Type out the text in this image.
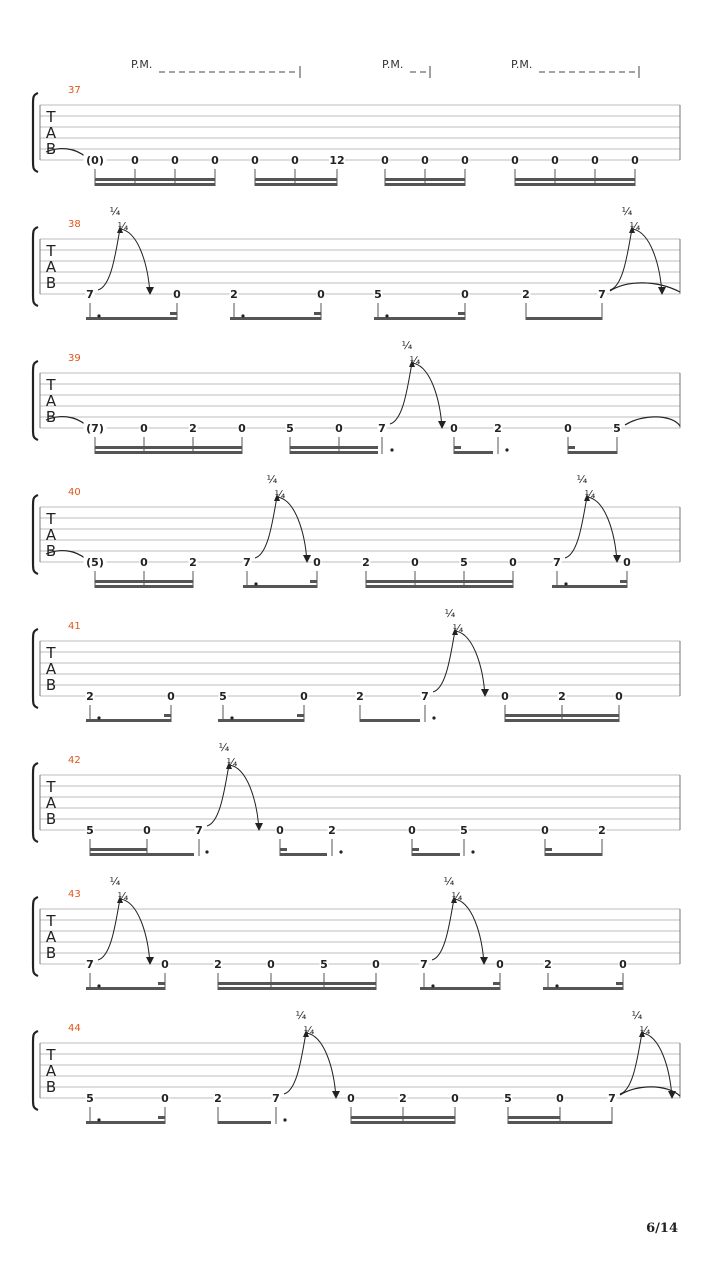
T
A
B
37
(0) 0	0	0	0	0	12	0	0	0	0	0	0	0
T
A
B
38	¼
¼
¼
¼
7	0	2	0	5	0	2	7
T
A
B
39	¼
¼
(7)	0	2	0	5	0	7	0	2	0	5
T
A
B
40	¼
¼
¼
¼
(5)	0	2	7	0	2	0	5	0	7	0
T
A
B
41	¼
¼
2	0	5	0	2	7	0	2	0
T
A
B
42	¼
¼
5	0	7	0	2	0	5	0	2
T
A
B
43	¼
¼
¼
¼
7	0	2	0	5	0	7	0	2	0
T
A
B
44	¼
¼
¼
¼
5	0	2	7	0	2	0	5	0	7
P.M.	P.M.	P.M.
6/14
